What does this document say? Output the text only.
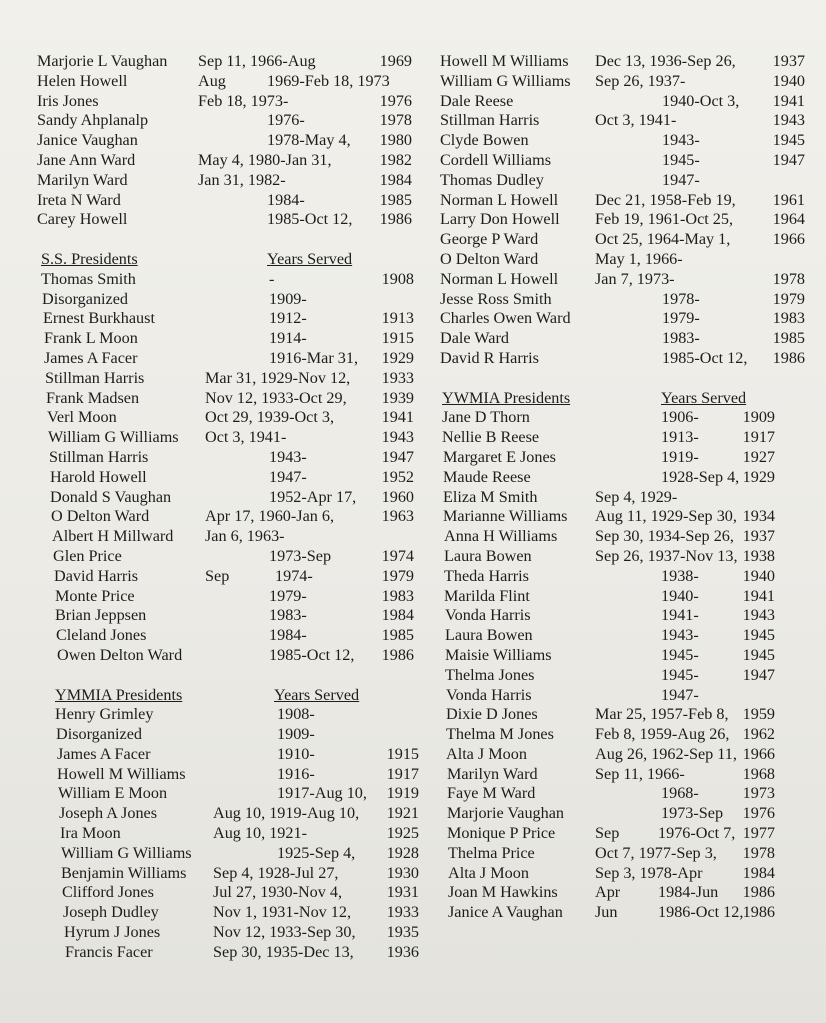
Marjorie L Vaughan Sep 11, 1966-Aug	1969
Helen Howell	Aug	1969-Feb 18, 1973
Iris Jones	Feb 18, 1973-	1976
Sandy Ahplanalp	1976-	1978
Janice Vaughan	1978-May 4, 1980
Jane Ann Ward	May 4, 1980-Jan 31,	1982
Marilyn Ward	Jan 31, 1982-	1984
Ireta N Ward	1984-	1985
Carey Howell	1985-Oct 12, 1986
S.S. Presidents	Years Served
Thomas Smith	-	1908
Disorganized	1909-
Ernest Burkhaust	1912-	1913
Frank L Moon	1914-	1915
James A Facer	1916-Mar 31, 1929
Stillman Harris	Mar 31, 1929-Nov 12, 1933
Frank Madsen	Nov 12, 1933-Oct 29, 1939
Verl Moon	Oct 29, 1939-Oct 3,	1941
William G Williams Oct 3, 1941-	1943
Stillman Harris	1943-	1947
Harold Howell	1947-	1952
Donald S Vaughan	1952-Apr 17, 1960
O Delton Ward	Apr 17, 1960-Jan 6,	1963
Albert H Millward Jan 6, 1963-
Glen Price	1973-Sep	1974
David Harris	Sep	1974-	1979
Monte Price	1979-	1983
Brian Jeppsen	1983-	1984
Cleland Jones	1984-	1985
Owen Delton Ward	1985-Oct 12, 1986
YMMIA Presidents	Years Served
Henry Grimley	1908-
Disorganized	1909-
James A Facer	1910-	1915
Howell M Williams	1916-	1917
William E Moon	1917-Aug 10, 1919
Joseph A Jones	Aug 10, 1919-Aug 10, 1921
Ira Moon	Aug 10, 1921-	1925
William G Williams	1925-Sep 4, 1928
Benjamin Williams Sep 4, 1928-Jul 27,	1930
Clifford Jones	Jul 27, 1930-Nov 4,	1931
Joseph Dudley	Nov 1, 1931-Nov 12, 1933
Hyrum J Jones	Nov 12, 1933-Sep 30, 1935
Francis Facer	Sep 30, 1935-Dec 13, 1936
Howell M Williams Dec 13, 1936-Sep 26, 1937
William G Williams Sep 26, 1937-	1940
Dale Reese	1940-Oct 3, 1941
Stillman Harris	Oct 3, 1941-	1943
Clyde Bowen	1943-	1945
Cordell Williams	1945-	1947
Thomas Dudley	1947-
Norman L Howell Dec 21, 1958-Feb 19, 1961
Larry Don Howell Feb 19, 1961-Oct 25, 1964
George P Ward	Oct 25, 1964-May 1,	1966
O Delton Ward	May 1, 1966-
Norman L Howell Jan 7, 1973-	1978
Jesse Ross Smith	1978-	1979
Charles Owen Ward	1979-	1983
Dale Ward	1983-	1985
David R Harris	1985-Oct 12, 1986
YWMIA Presidents	Years Served
Jane D Thorn	1906-	1909
Nellie B Reese	1913-	1917
Margaret E Jones	1919-	1927
Maude Reese	1928-Sep 4, 1929
Eliza M Smith	Sep 4, 1929-
Marianne Williams Aug 11, 1929-Sep 30, 1934
Anna H Williams Sep 30, 1934-Sep 26, 1937
Laura Bowen	Sep 26, 1937-Nov 13, 1938
Theda Harris	1938-	1940
Marilda Flint	1940-	1941
Vonda Harris	1941-	1943
Laura Bowen	1943-	1945
Maisie Williams	1945-	1945
Thelma Jones	1945-	1947
Vonda Harris	1947-
Dixie D Jones	Mar 25, 1957-Feb 8, 1959
Thelma M Jones	Feb 8, 1959-Aug 26, 1962
Alta J Moon	Aug 26, 1962-Sep 11, 1966
Marilyn Ward	Sep 11, 1966-	1968
Faye M Ward	1968-	1973
Marjorie Vaughan	1973-Sep 1976
Monique P Price Sep 1976-Oct 7, 1977
Thelma Price	Oct 7, 1977-Sep 3, 1978
Alta J Moon	Sep 3, 1978-Apr 1984
Joan M Hawkins Apr 1984-Jun 1986
Janice A Vaughan Jun	1986-Oct 12, 1986
